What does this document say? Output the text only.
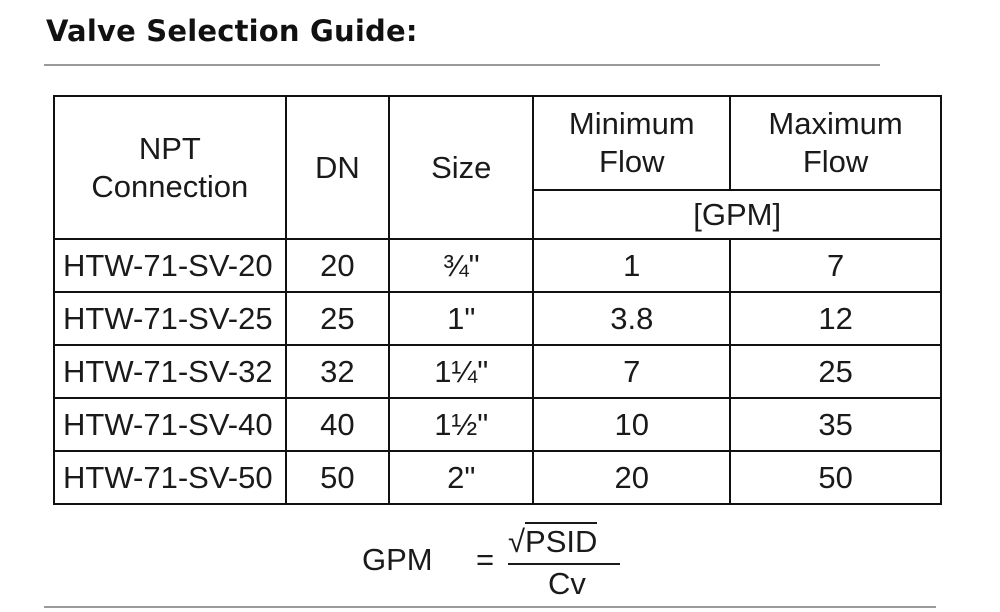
Valve Selection Guide:
NPT Connection	DN	Size	Minimum Flow	Maximum Flow
			[GPM]	
HTW-71-SV-20	20	¾"	1	7
HTW-71-SV-25	25	1"	3.8	12
HTW-71-SV-32	32	1¼"	7	25
HTW-71-SV-40	40	1½"	10	35
HTW-71-SV-50	50	2"	20	50
GPM =
√PSID
Cv
